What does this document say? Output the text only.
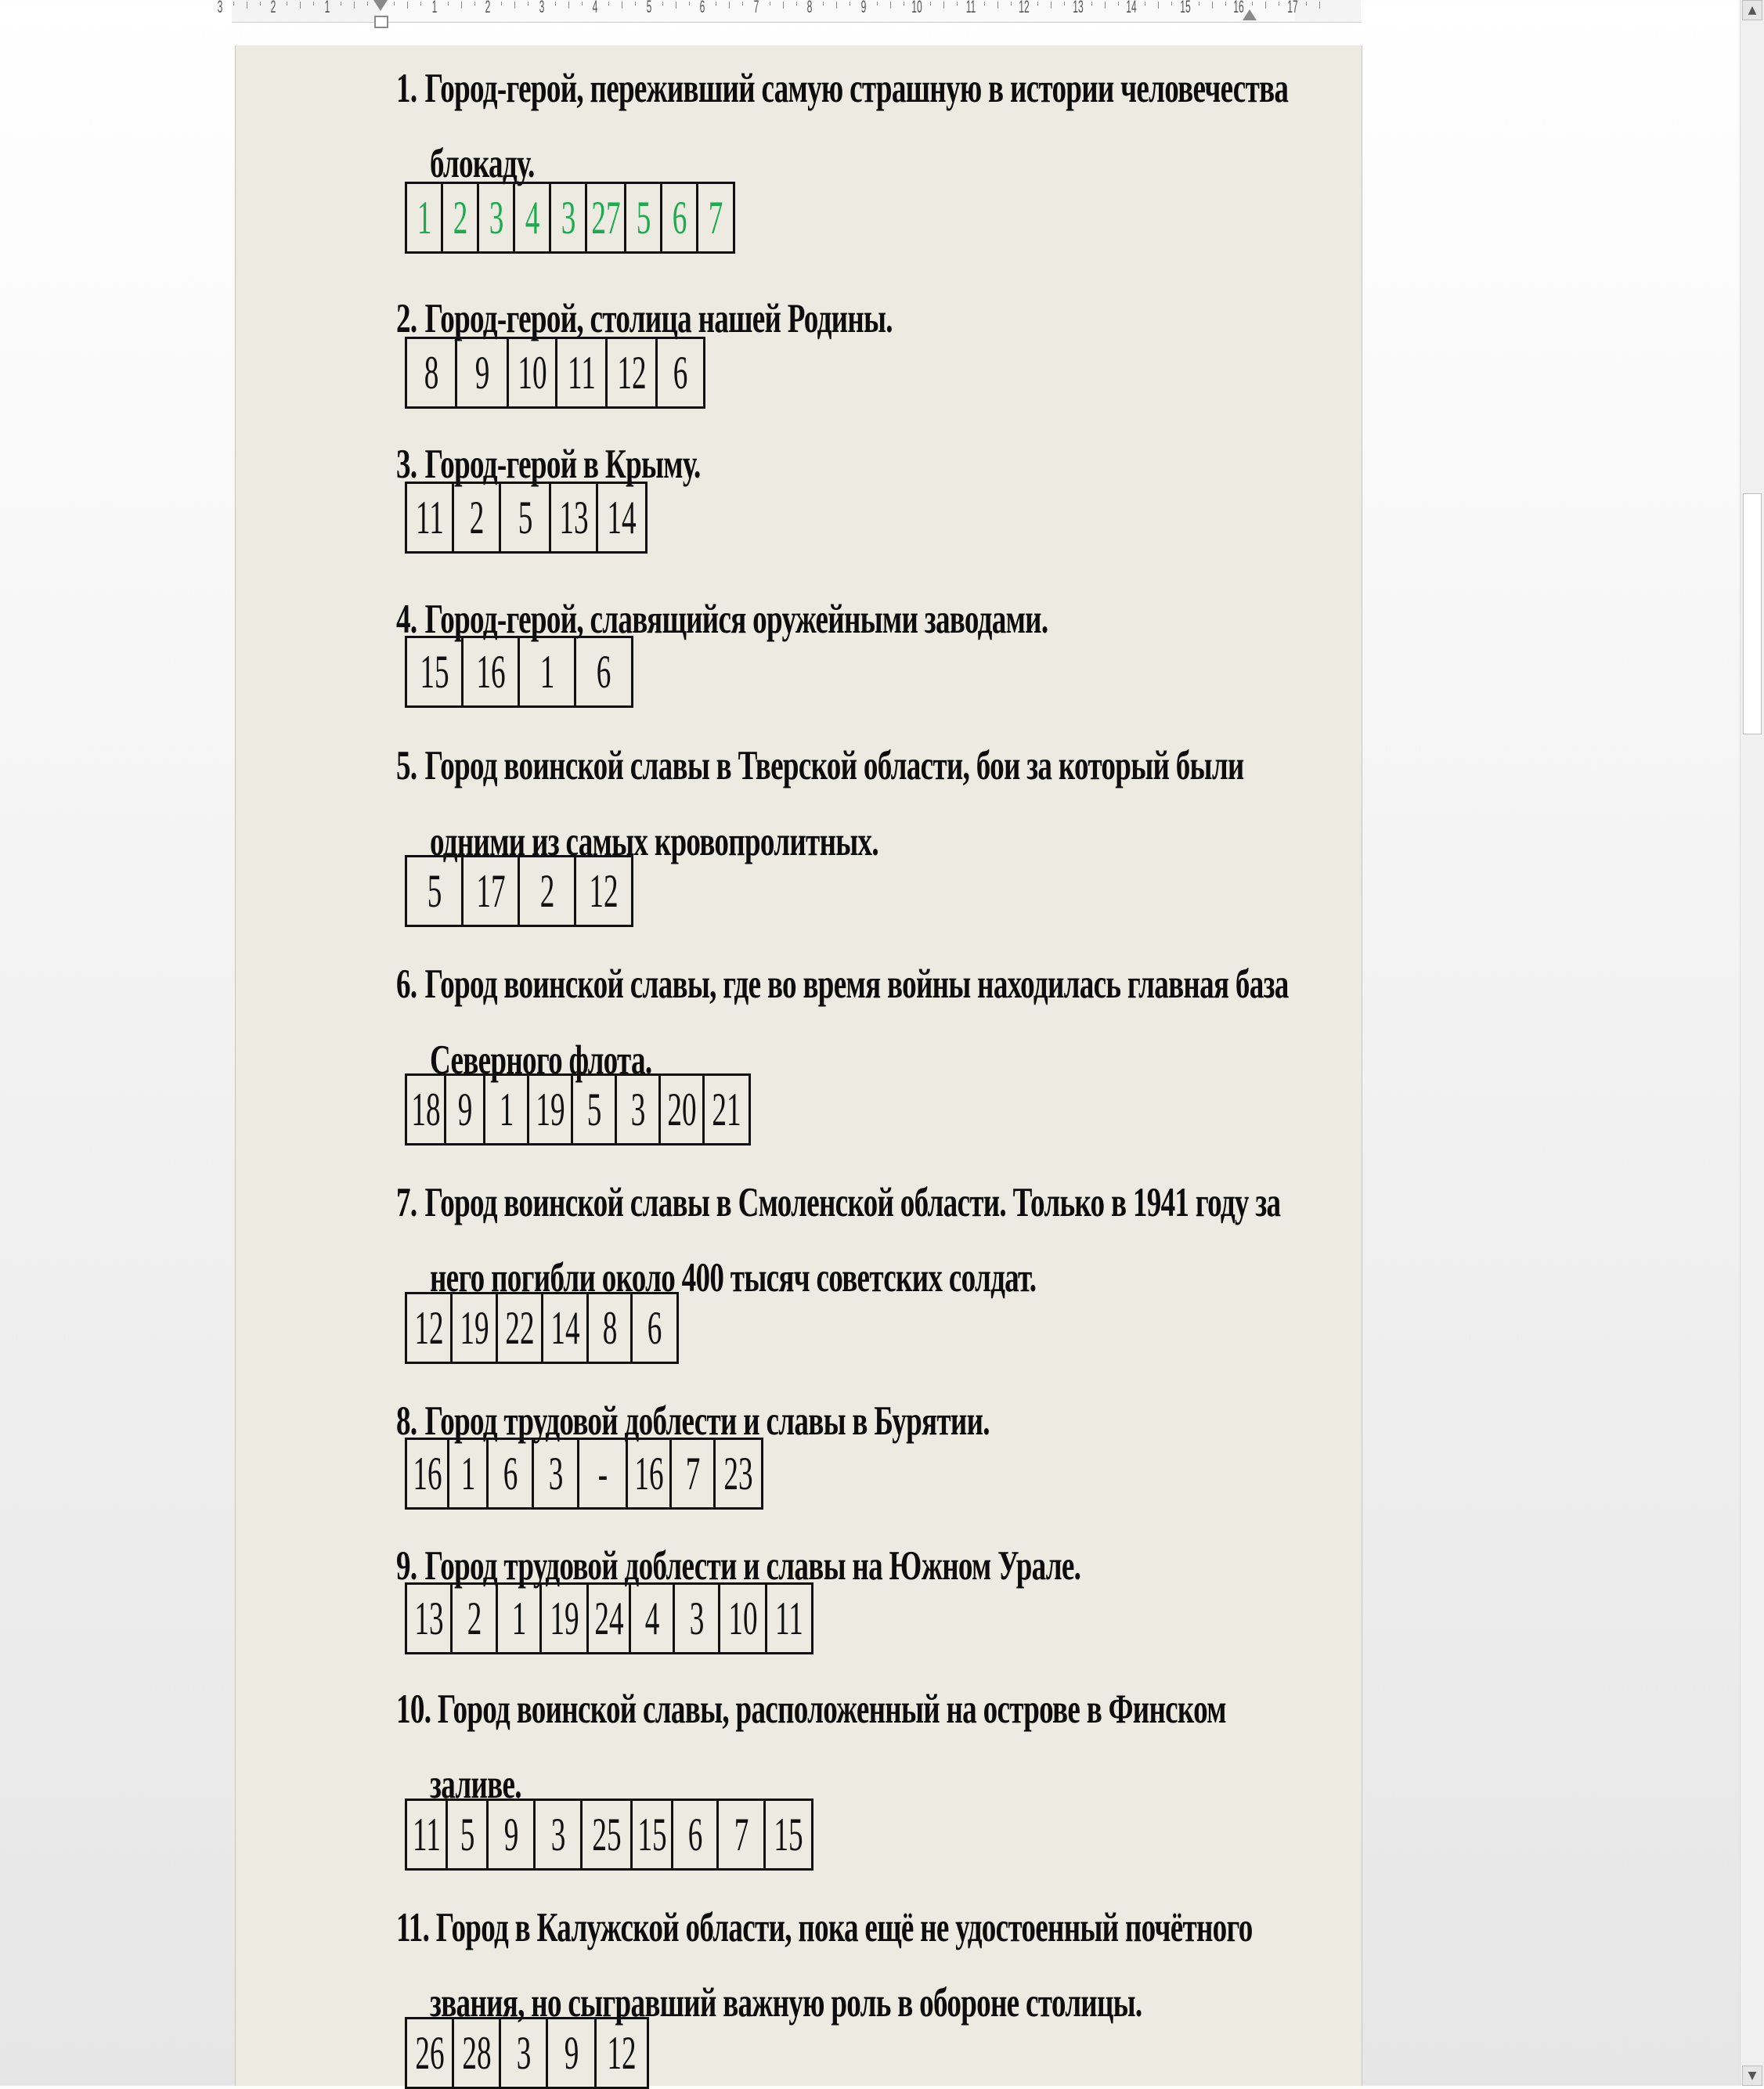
3	2	1	1	2	3	4	5	6	7	8	9	10	11	12	13	14	15	16	17
1. Город-герой, переживший самую страшную в истории человечества
блокаду.
1 2 3 4 3 27 5 6 7
2. Город-герой, столица нашей Родины.
8 9 10 11 12 6
3. Город-герой в Крыму.
11 2 5 13 14
4. Город-герой, славящийся оружейными заводами.
15 16 1 6
5. Город воинской славы в Тверской области, бои за который были
одними из самых кровопролитных.
5 17 2 12
6. Город воинской славы, где во время войны находилась главная база
Северного флота.
18 9 1 19 5 3 20 21
7. Город воинской славы в Смоленской области. Только в 1941 году за
него погибли около 400 тысяч советских солдат.
12 19 22 14 8 6
8. Город трудовой доблести и славы в Бурятии.
16 1 6 3 - 16 7 23
9. Город трудовой доблести и славы на Южном Урале.
13 2 1 19 24 4 3 10 11
10. Город воинской славы, расположенный на острове в Финском
заливе.
11 5 9 3 25 15 6 7 15
11. Город в Калужской области, пока ещё не удостоенный почётного
звания, но сыгравший важную роль в обороне столицы.
26 28 3 9 12
▲
▼
